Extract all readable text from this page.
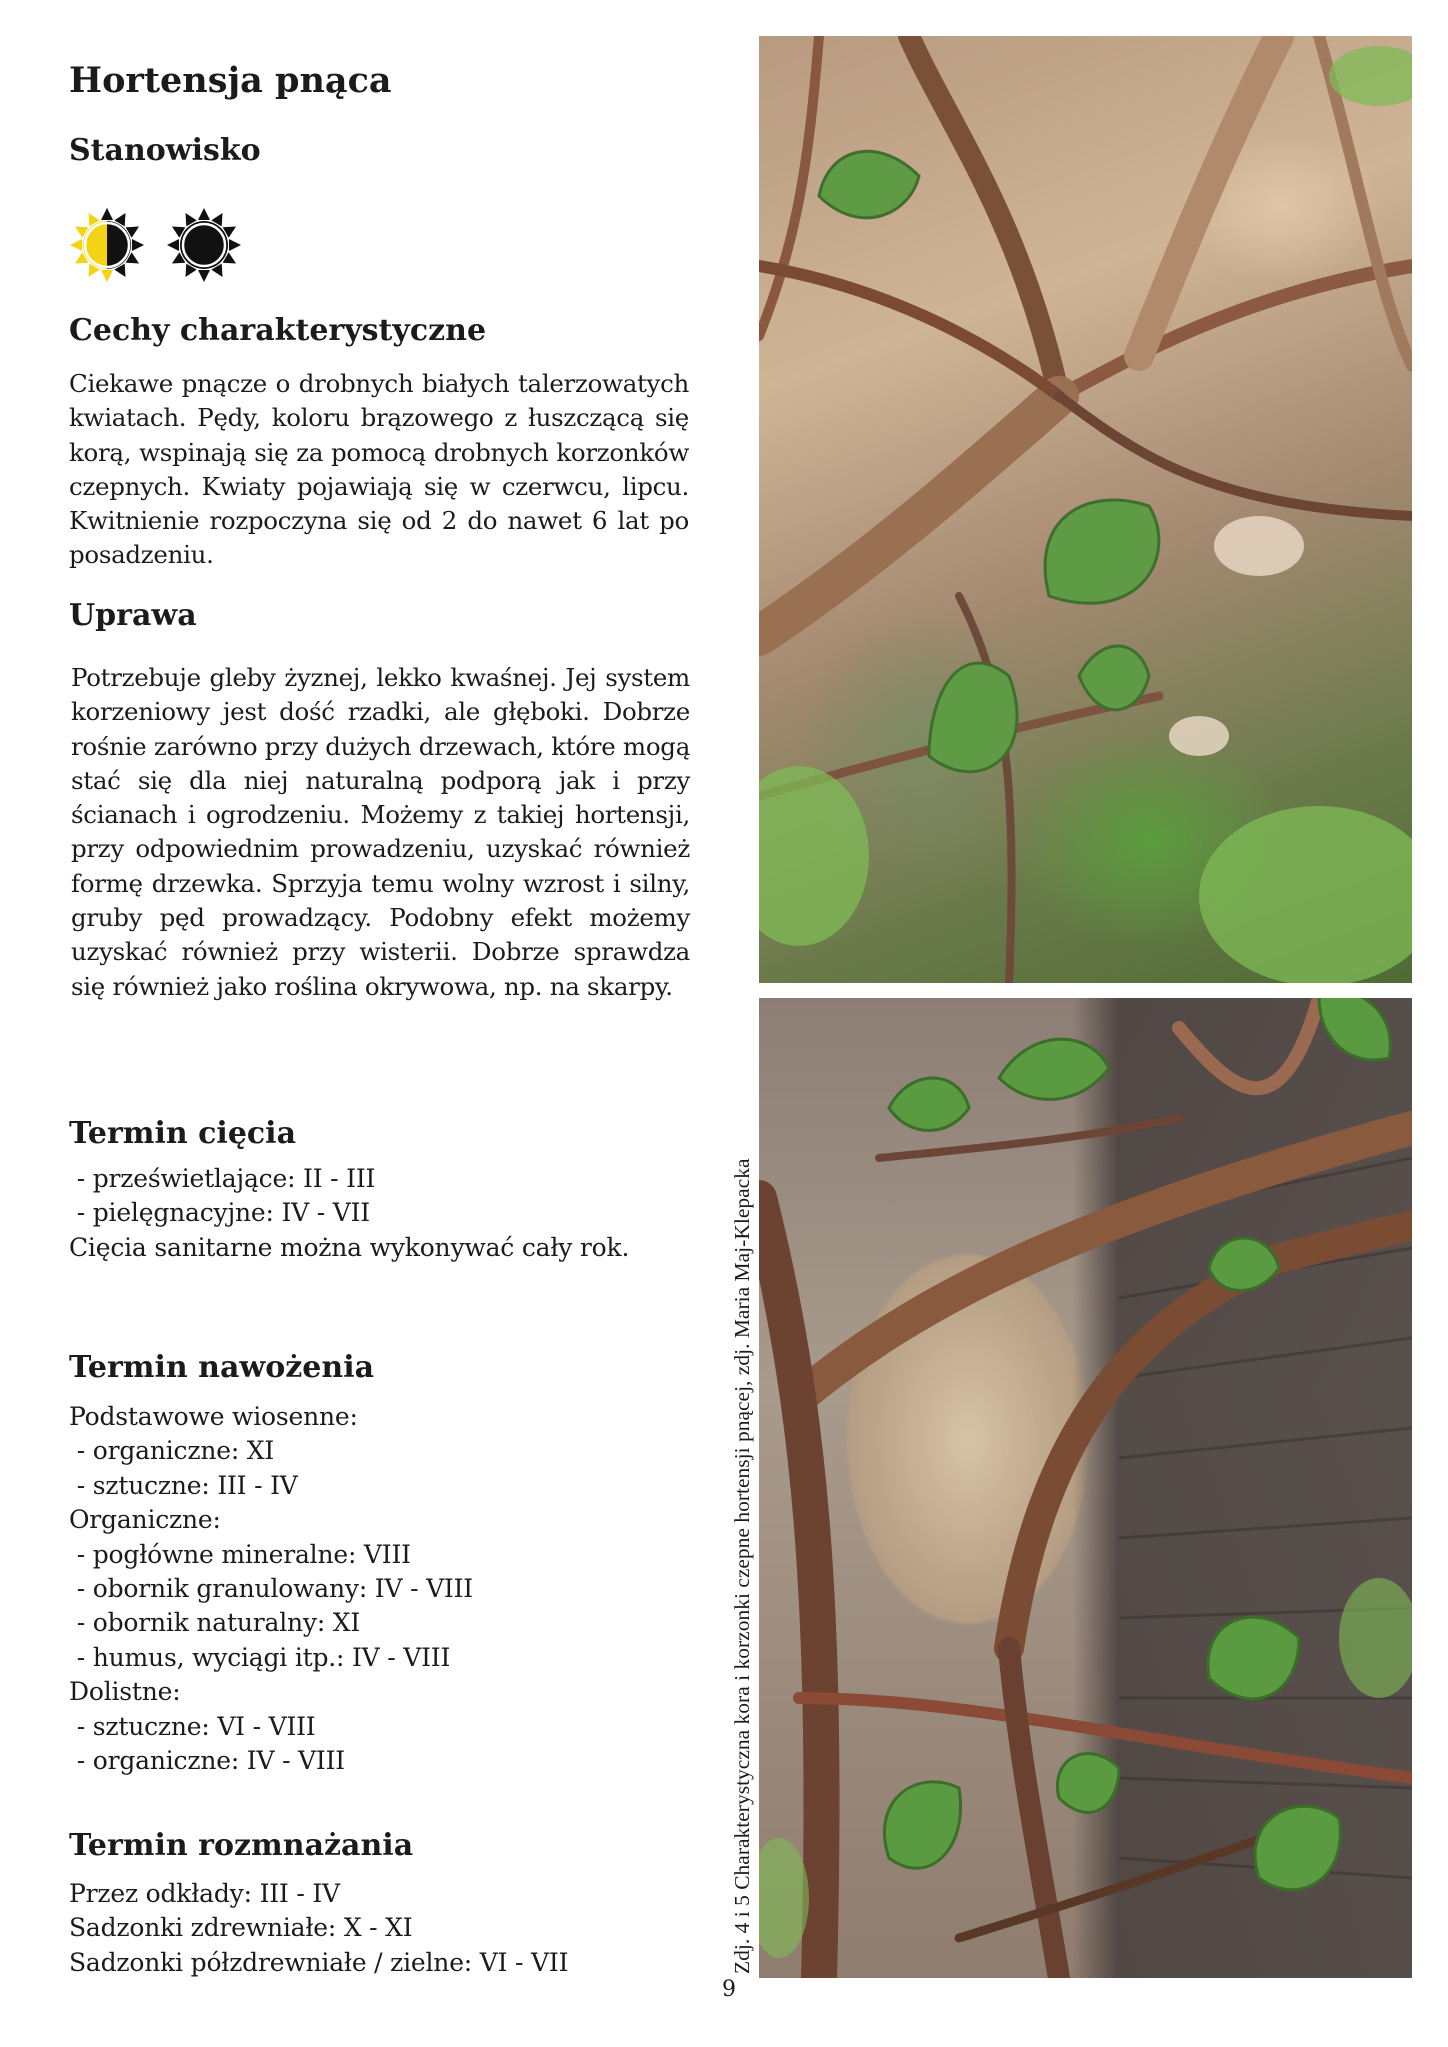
Hortensja pnąca
Stanowisko
Cechy charakterystyczne

Ciekawe pnącze o drobnych białych talerzowatych kwiatach. Pędy, koloru brązowego z łuszczącą się korą, wspinają się za pomocą drobnych korzonków czepnych. Kwiaty pojawiają się w czerwcu, lipcu. Kwitnienie rozpoczyna się od 2 do nawet 6 lat po posadzeniu.

Uprawa

Potrzebuje gleby żyznej, lekko kwaśnej. Jej system korzeniowy jest dość rzadki, ale głęboki. Dobrze rośnie zarówno przy dużych drzewach, które mogą stać się dla niej naturalną podporą jak i przy ścianach i ogrodzeniu. Możemy z takiej hortensji, przy odpowiednim prowadzeniu, uzyskać również formę drzewka. Sprzyja temu wolny wzrost i silny, gruby pęd prowadzący. Podobny efekt możemy uzyskać również przy wisterii. Dobrze sprawdza się również jako roślina okrywowa, np. na skarpy.

Termin cięcia
- prześwietlające: II - III
- pielęgnacyjne: IV - VII
Cięcia sanitarne można wykonywać cały rok.
Termin nawożenia
Podstawowe wiosenne:
- organiczne: XI
- sztuczne: III - IV
Organiczne:
- pogłówne mineralne: VIII
- obornik granulowany: IV - VIII
- obornik naturalny: XI
- humus, wyciągi itp.: IV - VIII
Dolistne:
- sztuczne: VI - VIII
- organiczne: IV - VIII
Termin rozmnażania
Przez odkłady: III - IV
Sadzonki zdrewniałe: X - XI
Sadzonki półzdrewniałe / zielne: VI - VII	Zdj. 4 i 5 Charakterystyczna kora i korzonki czepne hortensji pnącej, zdj. Maria Maj-Klepacka
9
